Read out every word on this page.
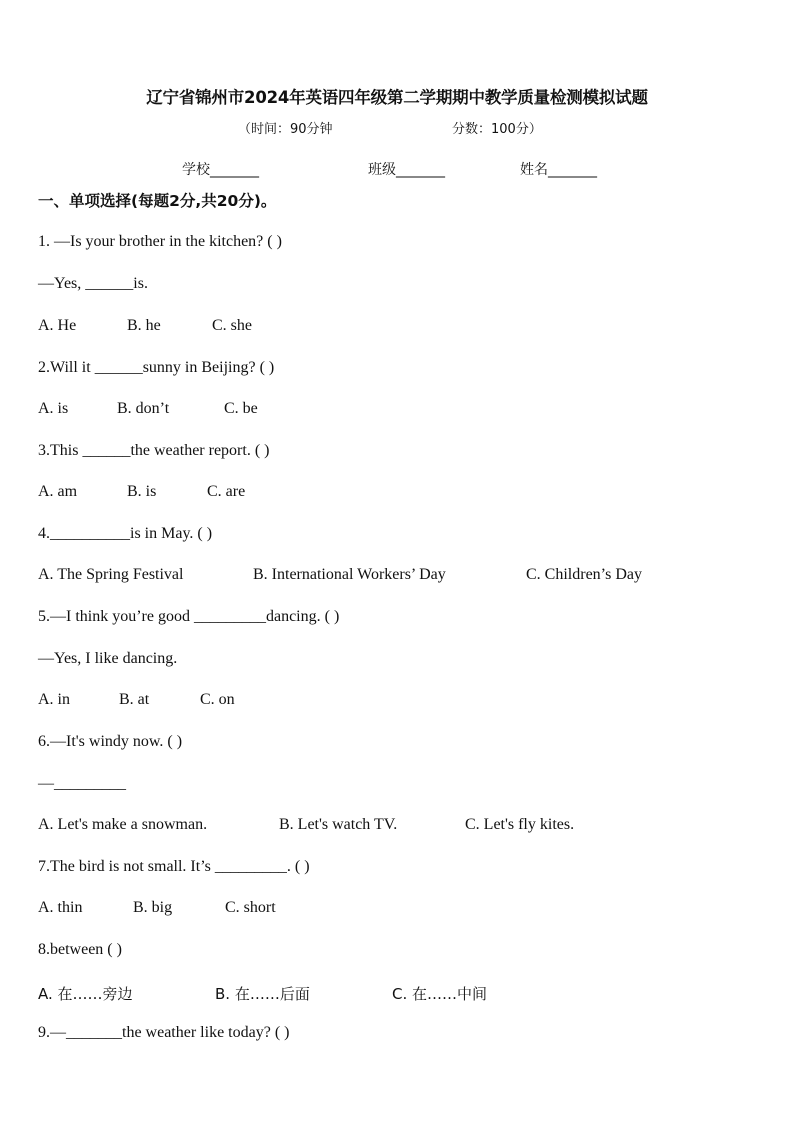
辽宁省锦州市2024年英语四年级第二学期期中教学质量检测模拟试题
（时间：90分钟	分数：100分）
学校_______	班级_______	姓名_______
一、单项选择(每题2分,共20分)。
1. —Is your brother in the kitchen? ( )
—Yes, ______is.
A. He	B. he	C. she
2.Will it ______sunny in Beijing? ( )
A. is	B. don’t	C. be
3.This ______the weather report. ( )
A. am	B. is	C. are
4.__________is in May. ( )
A. The Spring Festival	B. International Workers’ Day	C. Children’s Day
5.—I think you’re good _________dancing. ( )
—Yes, I like dancing.
A. in	B. at	C. on
6.—It's windy now. ( )
—_________
A. Let's make a snowman.	B. Let's watch TV.	C. Let's fly kites.
7.The bird is not small. It’s _________. ( )
A. thin	B. big	C. short
8.between ( )
A. 在……旁边	B. 在……后面	C. 在……中间
9.—_______the weather like today? ( )
